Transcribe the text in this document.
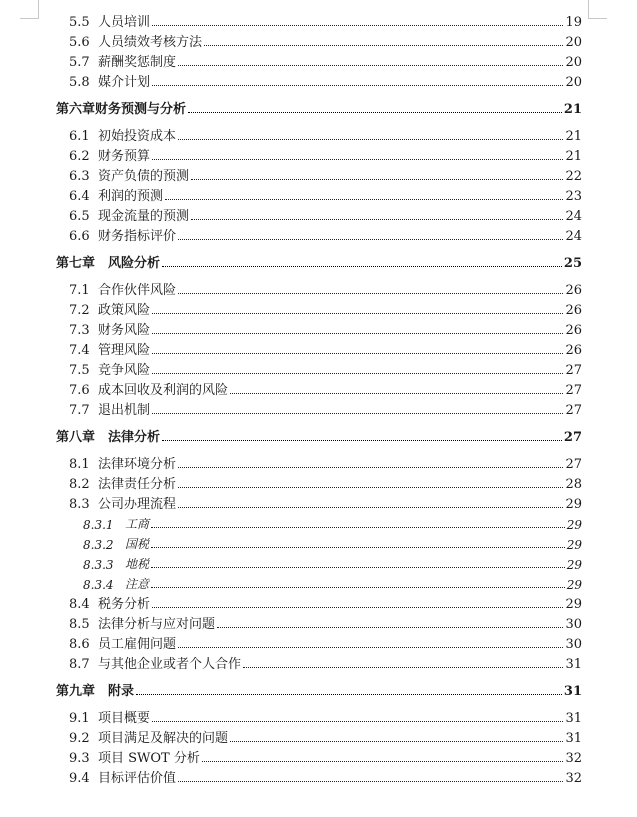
5.5 人员培训	19
5.6 人员绩效考核方法	20
5.7 薪酬奖惩制度	20
5.8 媒介计划	20
第六章 财务预测与分析	21
6.1 初始投资成本	21
6.2 财务预算	21
6.3 资产负债的预测	22
6.4 利润的预测	23
6.5 现金流量的预测	24
6.6 财务指标评价	24
第七章 　风险分析	25
7.1 合作伙伴风险	26
7.2 政策风险	26
7.3 财务风险	26
7.4 管理风险	26
7.5 竞争风险	27
7.6 成本回收及利润的风险	27
7.7 退出机制	27
第八章 　法律分析	27
8.1 法律环境分析	27
8.2 法律责任分析	28
8.3 公司办理流程	29
8.3.1 工商	29
8.3.2 国税	29
8.3.3 地税	29
8.3.4 注意	29
8.4 税务分析	29
8.5 法律分析与应对问题	30
8.6 员工雇佣问题	30
8.7 与其他企业或者个人合作	31
第九章 　附录	31
9.1 项目概要	31
9.2 项目满足及解决的问题	31
9.3 项目 SWOT 分析	32
9.4 目标评估价值	32
